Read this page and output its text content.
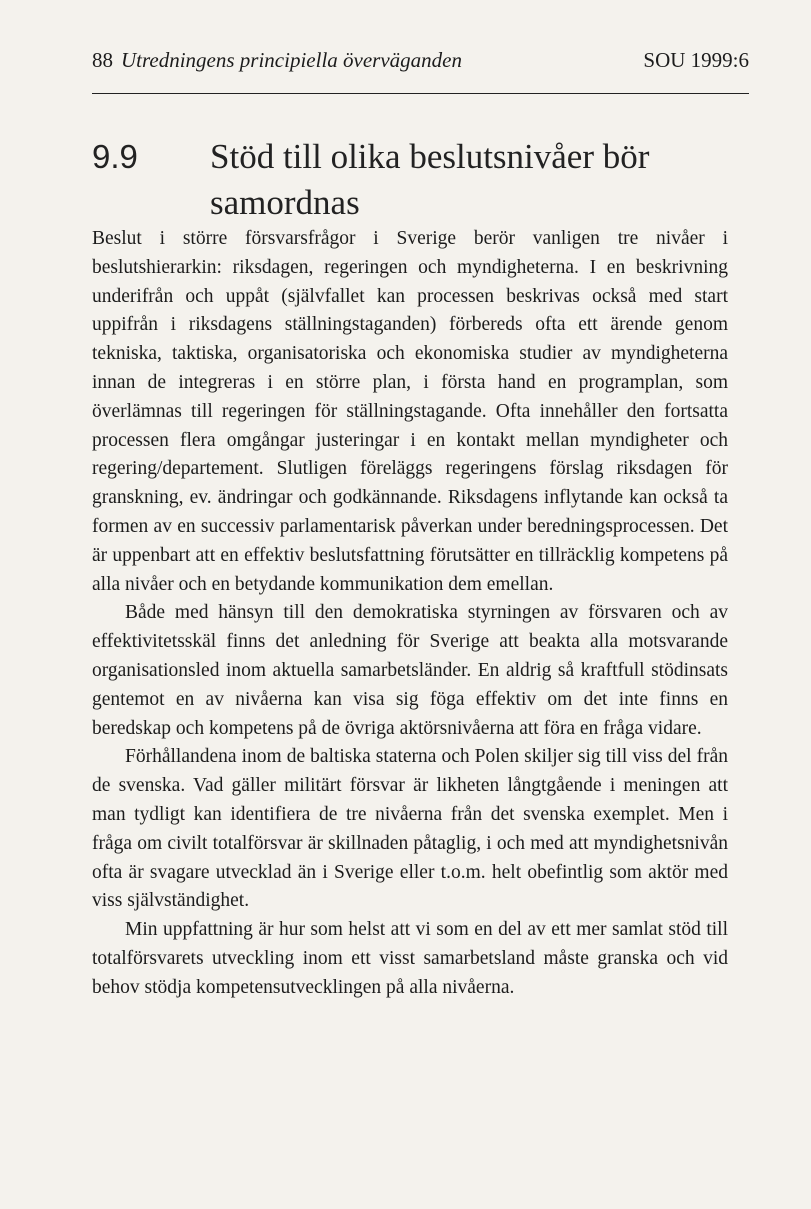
88 Utredningens principiella överväganden	SOU 1999:6
9.9	Stöd till olika beslutsnivåer bör samordnas

Beslut i större försvarsfrågor i Sverige berör vanligen tre nivåer i beslutshierarkin: riksdagen, regeringen och myndigheterna. I en beskrivning underifrån och uppåt (självfallet kan processen beskrivas också med start uppifrån i riksdagens ställningstaganden) förbereds ofta ett ärende genom tekniska, taktiska, organisatoriska och ekonomiska studier av myndigheterna innan de integreras i en större plan, i första hand en programplan, som överlämnas till regeringen för ställningstagande. Ofta innehåller den fortsatta processen flera omgångar justeringar i en kontakt mellan myndigheter och regering/departement. Slutligen föreläggs regeringens förslag riksdagen för granskning, ev. ändringar och godkännande. Riksdagens inflytande kan också ta formen av en successiv parlamentarisk påverkan under beredningsprocessen. Det är uppenbart att en effektiv beslutsfattning förutsätter en tillräcklig kompetens på alla nivåer och en betydande kommunikation dem emellan.

Både med hänsyn till den demokratiska styrningen av försvaren och av effektivitetsskäl finns det anledning för Sverige att beakta alla motsvarande organisationsled inom aktuella samarbetsländer. En aldrig så kraftfull stödinsats gentemot en av nivåerna kan visa sig föga effektiv om det inte finns en beredskap och kompetens på de övriga aktörsnivåerna att föra en fråga vidare.

Förhållandena inom de baltiska staterna och Polen skiljer sig till viss del från de svenska. Vad gäller militärt försvar är likheten långtgående i meningen att man tydligt kan identifiera de tre nivåerna från det svenska exemplet. Men i fråga om civilt totalförsvar är skillnaden påtaglig, i och med att myndighetsnivån ofta är svagare utvecklad än i Sverige eller t.o.m. helt obefintlig som aktör med viss självständighet.

Min uppfattning är hur som helst att vi som en del av ett mer samlat stöd till totalförsvarets utveckling inom ett visst samarbetsland måste granska och vid behov stödja kompetensutvecklingen på alla nivåerna.
